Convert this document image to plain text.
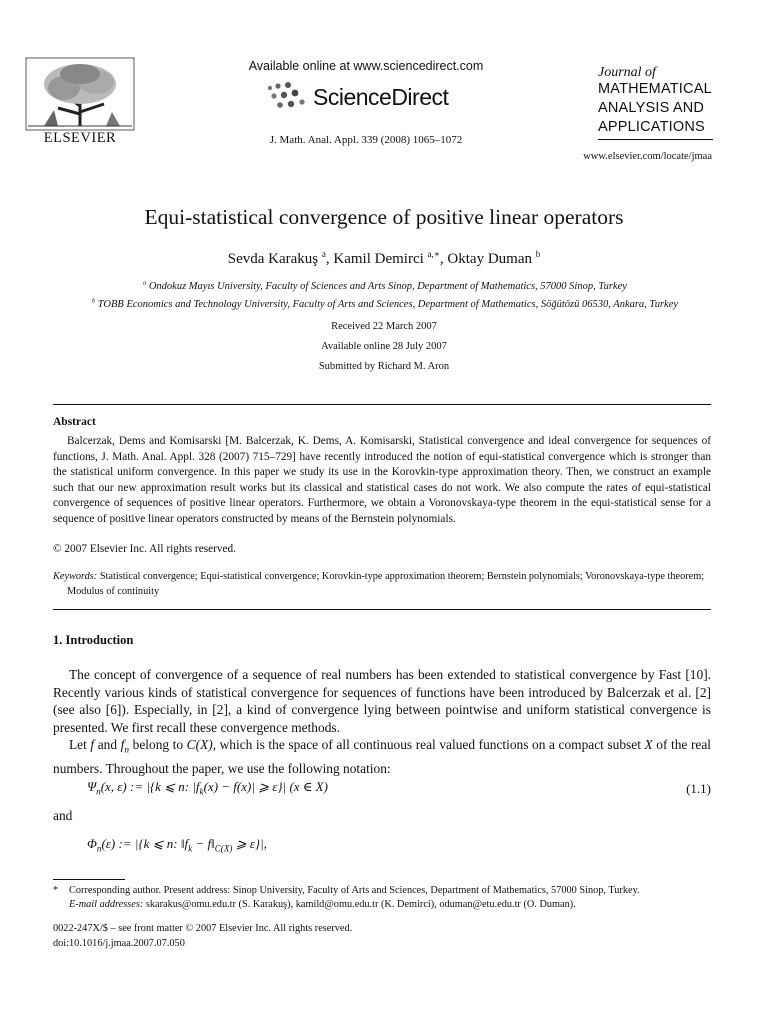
ELSEVIER
Available online at www.sciencedirect.com
ScienceDirect
J. Math. Anal. Appl. 339 (2008) 1065–1072
Journal of
MATHEMATICAL
ANALYSIS AND
APPLICATIONS
www.elsevier.com/locate/jmaa
Equi-statistical convergence of positive linear operators
Sevda Karakuş $^a$, Kamil Demirci $^{a,∗}$, Oktay Duman $^b$
$^a$ Ondokuz Mayıs University, Faculty of Sciences and Arts Sinop, Department of Mathematics, 57000 Sinop, Turkey
$^b$ TOBB Economics and Technology University, Faculty of Arts and Sciences, Department of Mathematics, Söğütözü 06530, Ankara, Turkey
Received 22 March 2007
Available online 28 July 2007
Submitted by Richard M. Aron
Abstract
Balcerzak, Dems and Komisarski [M. Balcerzak, K. Dems, A. Komisarski, Statistical convergence and ideal convergence for sequences of functions, J. Math. Anal. Appl. 328 (2007) 715–729] have recently introduced the notion of equi-statistical convergence which is stronger than the statistical uniform convergence. In this paper we study its use in the Korovkin-type approximation theory. Then, we construct an example such that our new approximation result works but its classical and statistical cases do not work. We also compute the rates of equi-statistical convergence of sequences of positive linear operators. Furthermore, we obtain a Voronovskaya-type theorem in the equi-statistical sense for a sequence of positive linear operators constructed by means of the Bernstein polynomials.
© 2007 Elsevier Inc. All rights reserved.
Keywords: Statistical convergence; Equi-statistical convergence; Korovkin-type approximation theorem; Bernstein polynomials; Voronovskaya-type theorem; Modulus of continuity
1. Introduction
The concept of convergence of a sequence of real numbers has been extended to statistical convergence by Fast [10]. Recently various kinds of statistical convergence for sequences of functions have been introduced by Balcerzak et al. [2] (see also [6]). Especially, in [2], a kind of convergence lying between pointwise and uniform statistical convergence is presented. We first recall these convergence methods.
Let f and $f_n$ belong to C(X), which is the space of all continuous real valued functions on a compact subset X of the real numbers. Throughout the paper, we use the following notation:
$\Psi_n(x$, ε) := |{k ⩽ n: $|f_k(x) - f(x)|$ ⩾ ε}| (x ∈ X)	(1.1)
and
$\Phi_n(\varepsilon)$ := |{k ⩽ n: $‖f_k$ − $f‖_{C(X)}$ ⩾ ε}|,
* Corresponding author. Present address: Sinop University, Faculty of Arts and Sciences, Department of Mathematics, 57000 Sinop, Turkey.
E-mail addresses: skarakus@omu.edu.tr (S. Karakuş), kamild@omu.edu.tr (K. Demirci), oduman@etu.edu.tr (O. Duman).
0022-247X/$ – see front matter © 2007 Elsevier Inc. All rights reserved.
doi:10.1016/j.jmaa.2007.07.050
